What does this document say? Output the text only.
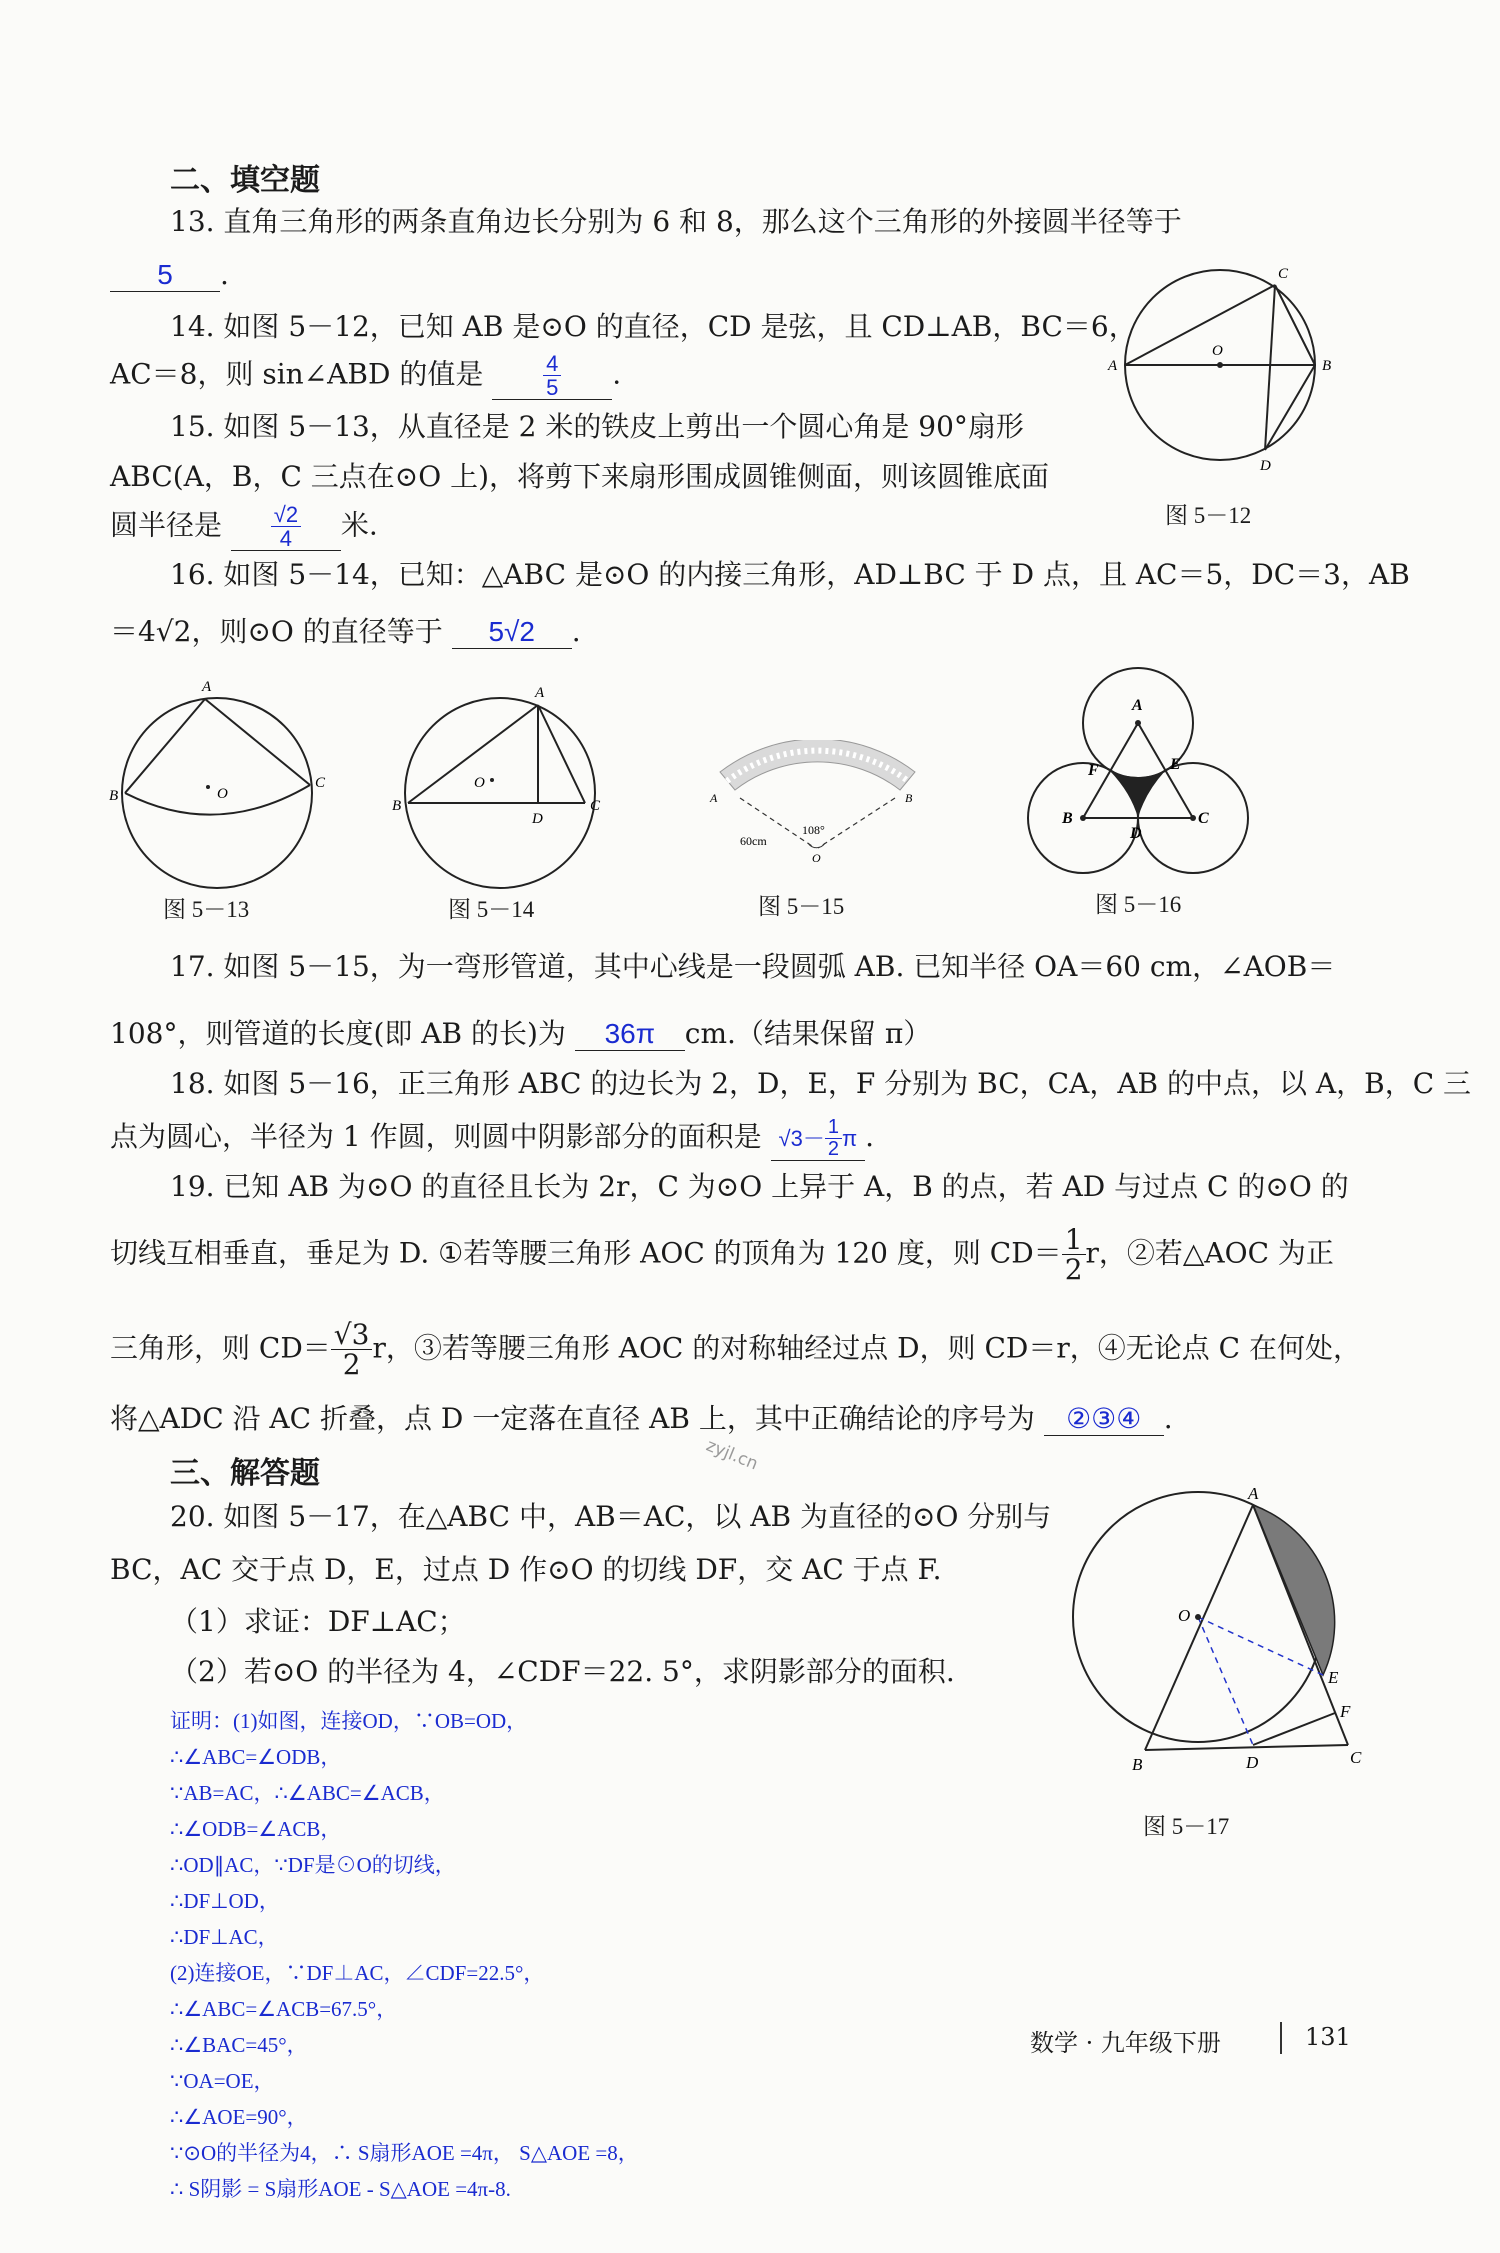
二、填空题
13. 直角三角形的两条直角边长分别为 6 和 8，那么这个三角形的外接圆半径等于
5 .
14. 如图 5－12，已知 AB 是⊙O 的直径，CD 是弦，且 CD⊥AB，BC＝6，
AC＝8，则 sin∠ABD 的值是	$\frac{4}{5}$ .
15. 如图 5－13，从直径是 2 米的铁皮上剪出一个圆心角是 90°扇形
ABC(A，B，C 三点在⊙O 上)，将剪下来扇形围成圆锥侧面，则该圆锥底面
圆半径是 $\frac{√2}{4}$ 米.
O
A	B
C
D
图 5－12
16. 如图 5－14，已知：△ABC 是⊙O 的内接三角形，AD⊥BC 于 D 点，且 AC＝5，DC＝3，AB
＝4√2，则⊙O 的直径等于 5√2 .
O
A
B
C
图 5－13
O
A
B	C
D
图 5－14
A	B
108°
O
60cm
图 5－15
A
B	C
D
E
F
图 5－16
17. 如图 5－15，为一弯形管道，其中心线是一段圆弧 AB. 已知半径 OA＝60 cm，∠AOB＝
108°，则管道的长度(即 AB 的长)为 36π cm.（结果保留 π）
18. 如图 5－16，正三角形 ABC 的边长为 2，D，E，F 分别为 BC，CA，AB 的中点，以 A，B，C 三
点为圆心，半径为 1 作圆，则圆中阴影部分的面积是 $√3- \frac{1}{2}$ π .
19. 已知 AB 为⊙O 的直径且长为 2r，C 为⊙O 上异于 A，B 的点，若 AD 与过点 C 的⊙O 的
切线互相垂直，垂足为 D. ①若等腰三角形 AOC 的顶角为 120 度，则 $CD= \frac{1}{2}$ r，②若△AOC 为正
三角形，则 $CD= \frac{√3}{2}$ r，③若等腰三角形 AOC 的对称轴经过点 D，则 CD＝r，④无论点 C 在何处，
将△ADC 沿 AC 折叠，点 D 一定落在直径 AB 上，其中正确结论的序号为 ②③④ .
zyjl.cn
三、解答题
20. 如图 5－17，在△ABC 中，AB＝AC，以 AB 为直径的⊙O 分别与
BC，AC 交于点 D，E，过点 D 作⊙O 的切线 DF，交 AC 于点 F.
（1）求证：DF⊥AC；
（2）若⊙O 的半径为 4，∠CDF＝22. 5°，求阴影部分的面积.
O
A
B	C
D
E
F
图 5－17
证明：(1)如图，连接OD，∵OB=OD，
∴∠ABC=∠ODB，
∵AB=AC，∴∠ABC=∠ACB，
∴∠ODB=∠ACB，
∴OD∥AC，∵DF是⊙O的切线，
∴DF⊥OD，
∴DF⊥AC，
(2)连接OE，∵DF⊥AC，∠CDF=22.5°，
∴∠ABC=∠ACB=67.5°，
∴∠BAC=45°，
∵OA=OE，
∴∠AOE=90°，
∵⊙O的半径为4，∴ S扇形AOE =4π， S△AOE =8，
∴ S阴影 = S扇形AOE - S△AOE =4π-8.
数学 · 九年级下册	131
